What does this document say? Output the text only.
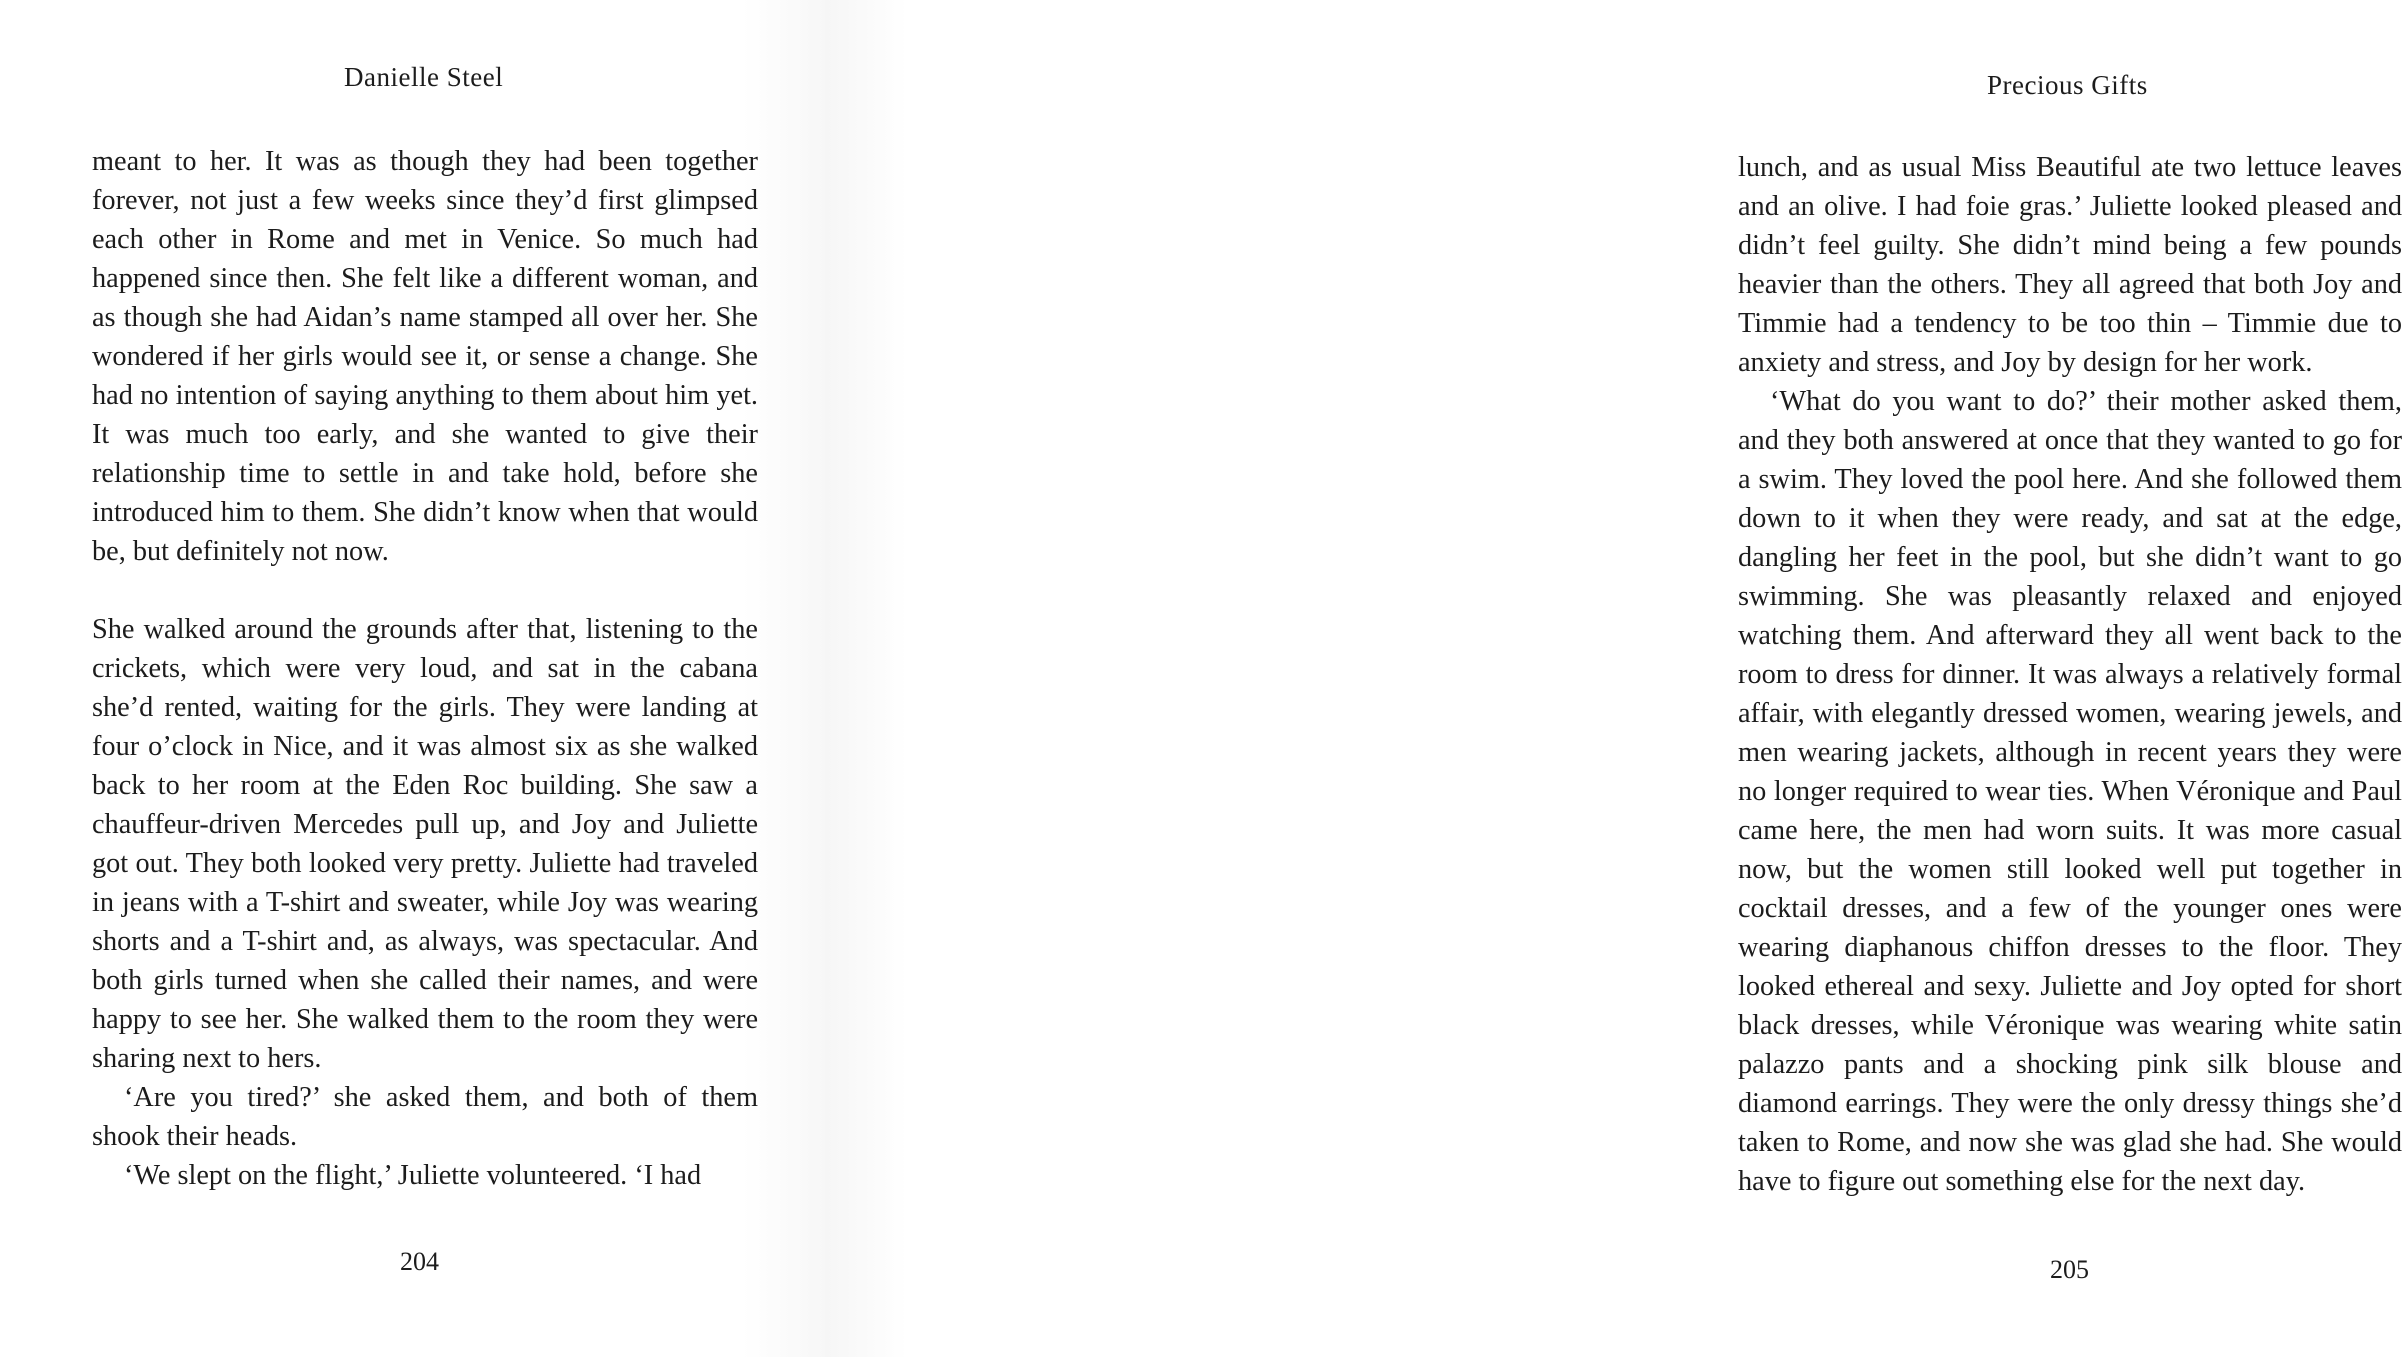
Danielle Steel

meant to her. It was as though they had been together forever, not just a few weeks since they’d first glimpsed each other in Rome and met in Venice. So much had happened since then. She felt like a different woman, and as though she had Aidan’s name stamped all over her. She wondered if her girls would see it, or sense a change. She had no intention of saying anything to them about him yet. It was much too early, and she wanted to give their relationship time to settle in and take hold, before she introduced him to them. She didn’t know when that would be, but definitely not now.

She walked around the grounds after that, listening to the crickets, which were very loud, and sat in the cabana she’d rented, waiting for the girls. They were landing at four o’clock in Nice, and it was almost six as she walked back to her room at the Eden Roc building. She saw a chauffeur-driven Mercedes pull up, and Joy and Juliette got out. They both looked very pretty. Juliette had traveled in jeans with a T-shirt and sweater, while Joy was wearing shorts and a T-shirt and, as always, was spectacular. And both girls turned when she called their names, and were happy to see her. She walked them to the room they were sharing next to hers.

‘Are you tired?’ she asked them, and both of them shook their heads.

‘We slept on the flight,’ Juliette volunteered. ‘I had

204
Precious Gifts

lunch, and as usual Miss Beautiful ate two lettuce leaves and an olive. I had foie gras.’ Juliette looked pleased and didn’t feel guilty. She didn’t mind being a few pounds heavier than the others. They all agreed that both Joy and Timmie had a tendency to be too thin – Timmie due to anxiety and stress, and Joy by design for her work.

‘What do you want to do?’ their mother asked them, and they both answered at once that they wanted to go for a swim. They loved the pool here. And she followed them down to it when they were ready, and sat at the edge, dangling her feet in the pool, but she didn’t want to go swimming. She was pleasantly relaxed and enjoyed watching them. And afterward they all went back to the room to dress for dinner. It was always a relatively formal affair, with elegantly dressed women, wearing jewels, and men wearing jackets, although in recent years they were no longer required to wear ties. When Véronique and Paul came here, the men had worn suits. It was more casual now, but the women still looked well put together in cocktail dresses, and a few of the younger ones were wearing diaphanous chiffon dresses to the floor. They looked ethereal and sexy. Juliette and Joy opted for short black dresses, while Véronique was wearing white satin palazzo pants and a shocking pink silk blouse and diamond earrings. They were the only dressy things she’d taken to Rome, and now she was glad she had. She would have to figure out something else for the next day.

205
